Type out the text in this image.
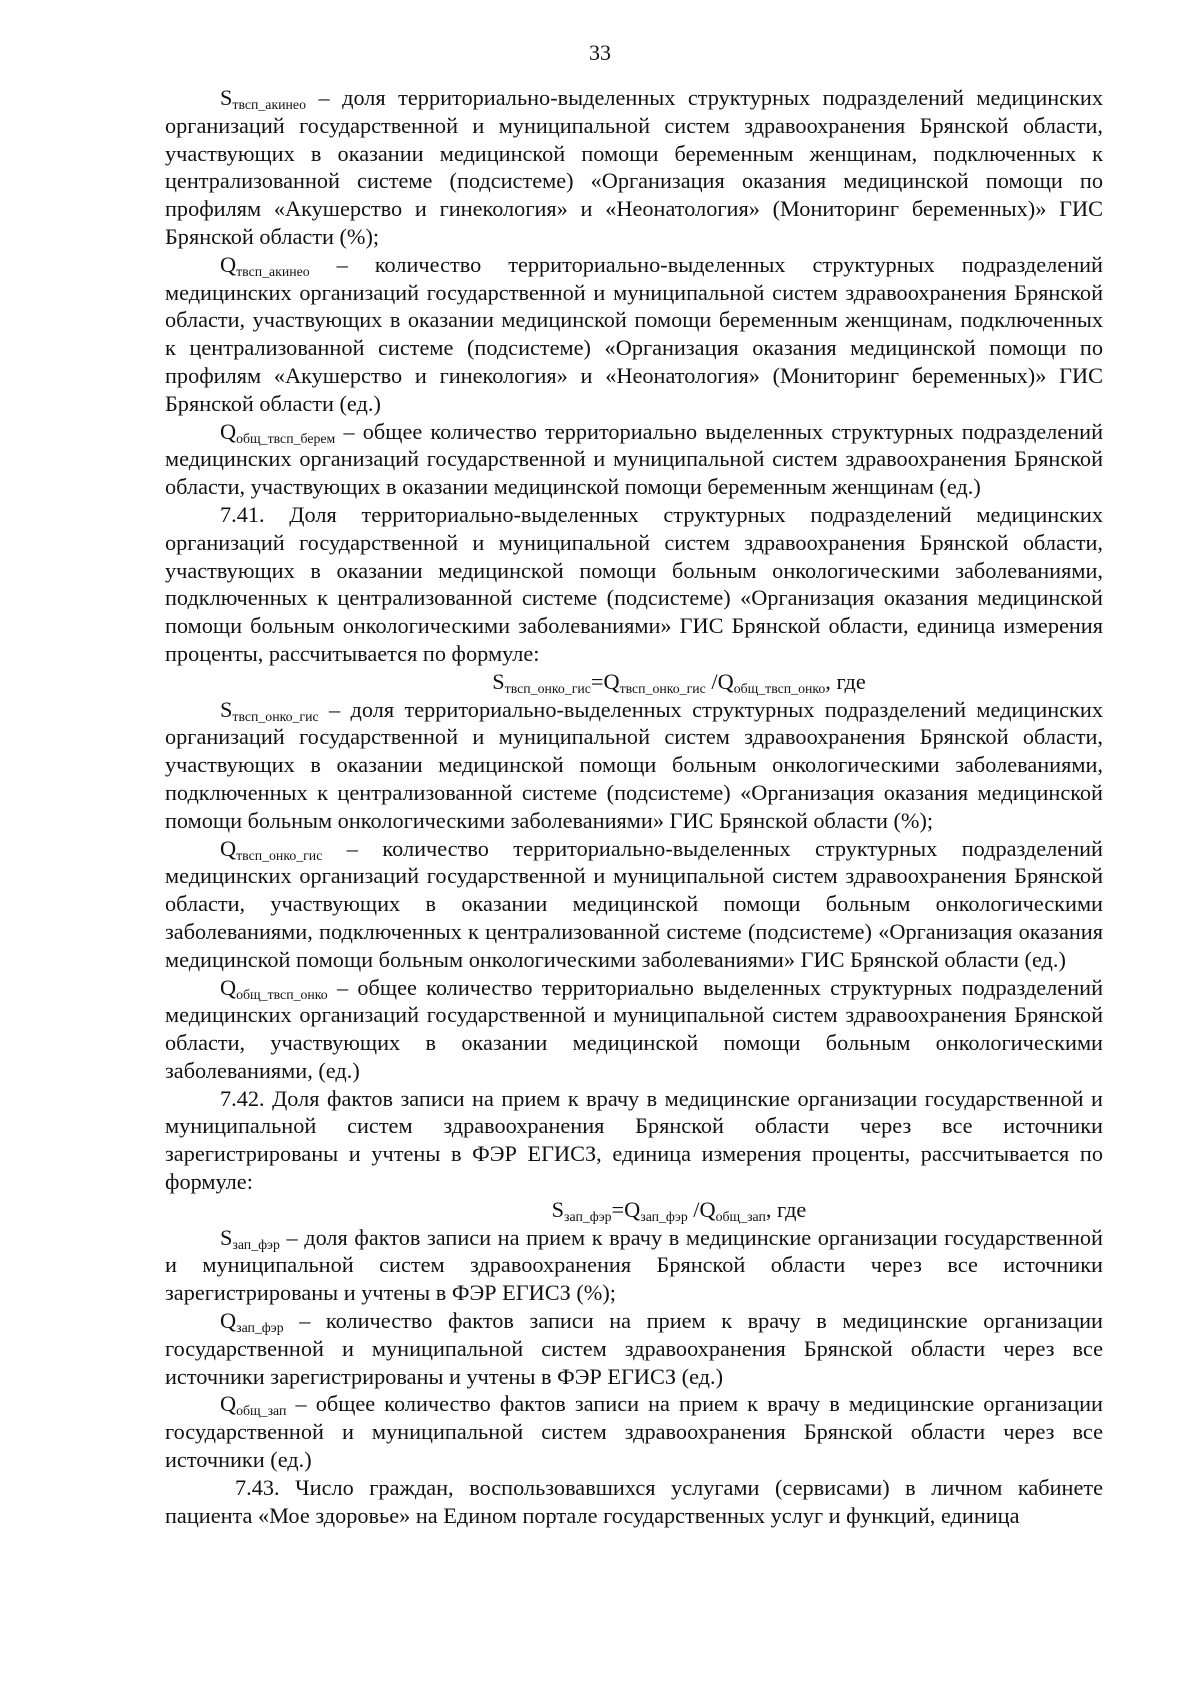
33

$S_{твсп\_акинео}$ – доля территориально-выделенных структурных подразделений медицинских организаций государственной и муниципальной систем здравоохранения Брянской области, участвующих в оказании медицинской помощи беременным женщинам, подключенных к централизованной системе (подсистеме) «Организация оказания медицинской помощи по профилям «Акушерство и гинекология» и «Неонатология» (Мониторинг беременных)» ГИС Брянской области (%);

$Q_{твсп\_акинео}$ – количество территориально-выделенных структурных подразделений медицинских организаций государственной и муниципальной систем здравоохранения Брянской области, участвующих в оказании медицинской помощи беременным женщинам, подключенных к централизованной системе (подсистеме) «Организация оказания медицинской помощи по профилям «Акушерство и гинекология» и «Неонатология» (Мониторинг беременных)» ГИС Брянской области (ед.)

$Q_{общ\_твсп\_берем}$ – общее количество территориально выделенных структурных подразделений медицинских организаций государственной и муниципальной систем здравоохранения Брянской области, участвующих в оказании медицинской помощи беременным женщинам (ед.)

7.41. Доля территориально-выделенных структурных подразделений медицинских организаций государственной и муниципальной систем здравоохранения Брянской области, участвующих в оказании медицинской помощи больным онкологическими заболеваниями, подключенных к централизованной системе (подсистеме) «Организация оказания медицинской помощи больным онкологическими заболеваниями» ГИС Брянской области, единица измерения проценты, рассчитывается по формуле:

$S_{твсп\_онко\_гис}=Q_{твсп\_онко\_гис}$ $/Q_{общ\_твсп\_онко}$, где

$S_{твсп\_онко\_гис}$ – доля территориально-выделенных структурных подразделений медицинских организаций государственной и муниципальной систем здравоохранения Брянской области, участвующих в оказании медицинской помощи больным онкологическими заболеваниями, подключенных к централизованной системе (подсистеме) «Организация оказания медицинской помощи больным онкологическими заболеваниями» ГИС Брянской области (%);

$Q_{твсп\_онко\_гис}$ – количество территориально-выделенных структурных подразделений медицинских организаций государственной и муниципальной систем здравоохранения Брянской области, участвующих в оказании медицинской помощи больным онкологическими заболеваниями, подключенных к централизованной системе (подсистеме) «Организация оказания медицинской помощи больным онкологическими заболеваниями» ГИС Брянской области (ед.)

$Q_{общ\_твсп\_онко}$ – общее количество территориально выделенных структурных подразделений медицинских организаций государственной и муниципальной систем здравоохранения Брянской области, участвующих в оказании медицинской помощи больным онкологическими заболеваниями, (ед.)

7.42. Доля фактов записи на прием к врачу в медицинские организации государственной и муниципальной систем здравоохранения Брянской области через все источники зарегистрированы и учтены в ФЭР ЕГИСЗ, единица измерения проценты, рассчитывается по формуле:

$S_{зап\_фэр}=Q_{зап\_фэр}$ $/Q_{общ\_зап}$, где

$S_{зап\_фэр}$ – доля фактов записи на прием к врачу в медицинские организации государственной и муниципальной систем здравоохранения Брянской области через все источники зарегистрированы и учтены в ФЭР ЕГИСЗ (%);

$Q_{зап\_фэр}$ – количество фактов записи на прием к врачу в медицинские организации государственной и муниципальной систем здравоохранения Брянской области через все источники зарегистрированы и учтены в ФЭР ЕГИСЗ (ед.)

$Q_{общ\_зап}$ – общее количество фактов записи на прием к врачу в медицинские организации государственной и муниципальной систем здравоохранения Брянской области через все источники (ед.)

7.43. Число граждан, воспользовавшихся услугами (сервисами) в личном кабинете пациента «Мое здоровье» на Едином портале государственных услуг и функций, единица
